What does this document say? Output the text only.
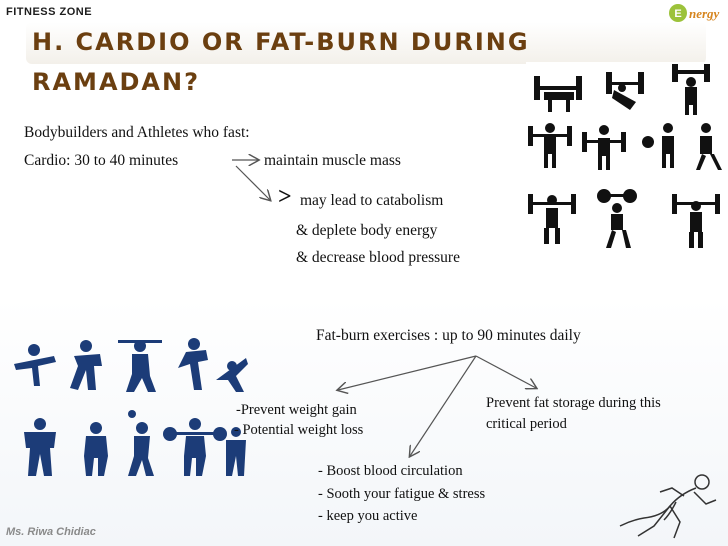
FITNESS ZONE	E nergy
H. CARDIO OR FAT-BURN DURING RAMADAN?
Bodybuilders and Athletes who fast:
Cardio: 30 to 40 minutes	maintain muscle mass
> may lead to catabolism
& deplete body energy
& decrease blood pressure
Fat-burn exercises : up to 90 minutes daily
-Prevent weight gain
- Potential weight loss
Prevent fat storage during this
critical period
- Boost blood circulation
- Sooth your fatigue & stress
- keep you active
Ms. Riwa Chidiac
